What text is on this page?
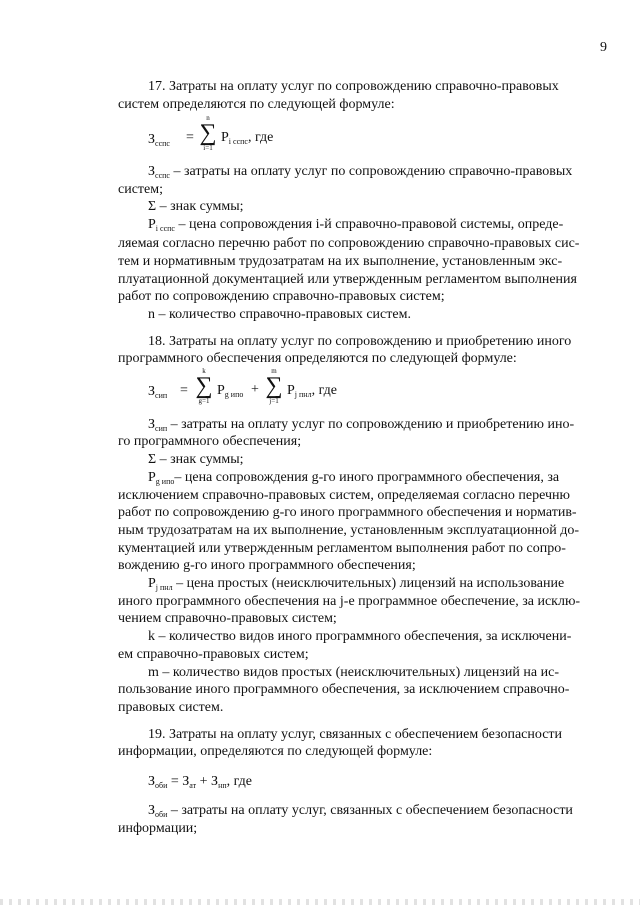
9
17. Затраты на оплату услуг по сопровождению справочно-правовых
систем определяются по следующей формуле:
$З_{сспс}$ =
n
∑
i=1
$P_{i сспс}$, где
$З_{сспс}$ – затраты на оплату услуг по сопровождению справочно-правовых
систем;
Σ – знак суммы;
$P_{i сспс}$ – цена сопровождения i-й справочно-правовой системы, опреде-
ляемая согласно перечню работ по сопровождению справочно-правовых сис-
тем и нормативным трудозатратам на их выполнение, установленным экс-
плуатационной документацией или утвержденным регламентом выполнения
работ по сопровождению справочно-правовых систем;
n – количество справочно-правовых систем.
18. Затраты на оплату услуг по сопровождению и приобретению иного
программного обеспечения определяются по следующей формуле:
$З_{сип}$ =
k
∑
g=1
$P_{g ипо}$ +
m
∑
j=1
$P_{j пнл}$, где
$З_{сип}$ – затраты на оплату услуг по сопровождению и приобретению ино-
го программного обеспечения;
Σ – знак суммы;
$P_{g ипо}-$ цена сопровождения g-го иного программного обеспечения, за
исключением справочно-правовых систем, определяемая согласно перечню
работ по сопровождению g-го иного программного обеспечения и норматив-
ным трудозатратам на их выполнение, установленным эксплуатационной до-
кументацией или утвержденным регламентом выполнения работ по сопро-
вождению g-го иного программного обеспечения;
$P_{j пнл}$ – цена простых (неисключительных) лицензий на использование
иного программного обеспечения на j-е программное обеспечение, за исклю-
чением справочно-правовых систем;
k – количество видов иного программного обеспечения, за исключени-
ем справочно-правовых систем;
m – количество видов простых (неисключительных) лицензий на ис-
пользование иного программного обеспечения, за исключением справочно-
правовых систем.
19. Затраты на оплату услуг, связанных с обеспечением безопасности
информации, определяются по следующей формуле:
$З_{оби} = З_{ат} + З_{нп}$, где
$З_{оби}$ – затраты на оплату услуг, связанных с обеспечением безопасности
информации;
